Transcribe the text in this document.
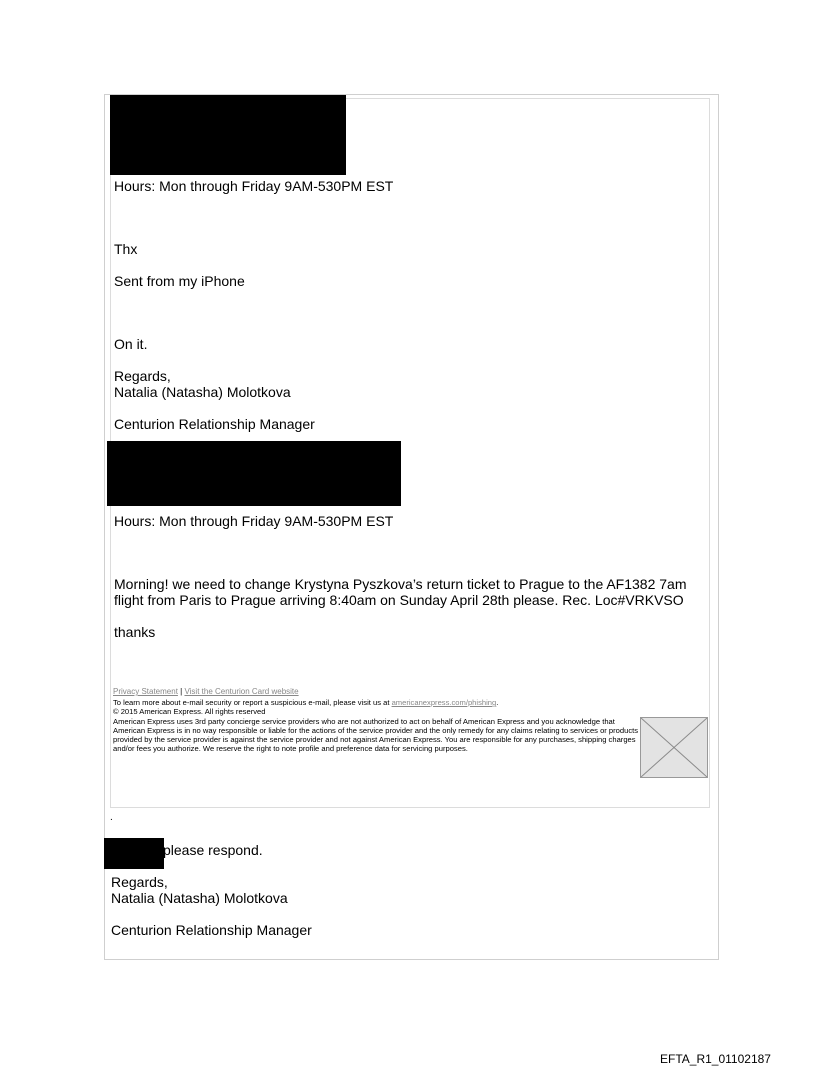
Hours: Mon through Friday 9AM-530PM EST
Thx
Sent from my iPhone
On it.
Regards,
Natalia (Natasha) Molotkova
Centurion Relationship Manager
Hours: Mon through Friday 9AM-530PM EST
Morning! we need to change Krystyna Pyszkova’s return ticket to Prague to the AF1382 7am
flight from Paris to Prague arriving 8:40am on Sunday April 28th please. Rec. Loc#VRKVSO
thanks
Privacy Statement | Visit the Centurion Card website
To learn more about e-mail security or report a suspicious e-mail, please visit us at americanexpress.com/phishing.
© 2015 American Express. All rights reserved
American Express uses 3rd party concierge service providers who are not authorized to act on behalf of American Express and you acknowledge that American Express is in no way responsible or liable for the actions of the service provider and the only remedy for any claims relating to services or products provided by the service provider is against the service provider and not against American Express. You are responsible for any purchases, shipping charges and/or fees you authorize. We reserve the right to note profile and preference data for servicing purposes.
.
please respond.
Regards,
Natalia (Natasha) Molotkova
Centurion Relationship Manager
EFTA_R1_01102187
